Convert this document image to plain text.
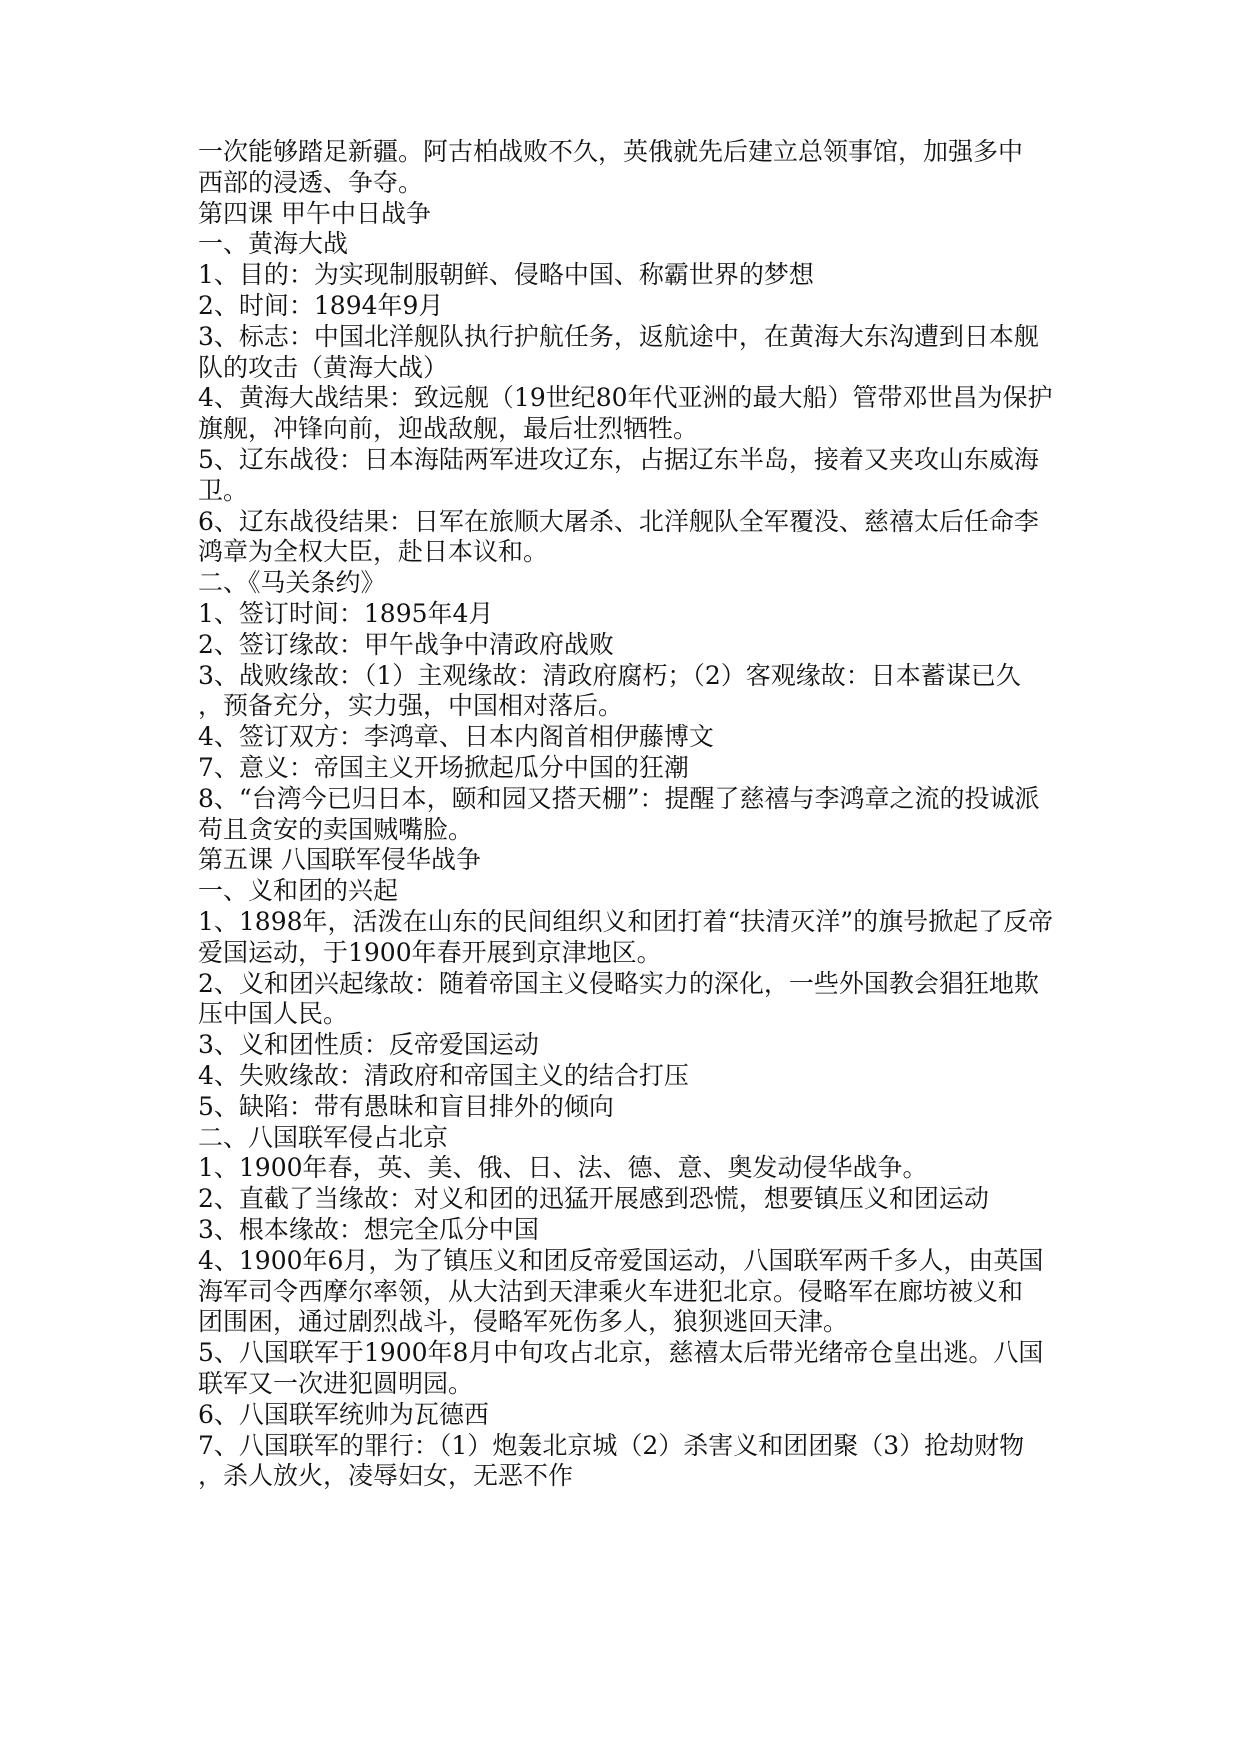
一次能够踏足新疆。阿古柏战败不久，英俄就先后建立总领事馆，加强多中

西部的浸透、争夺。

第四课 甲午中日战争

一、黄海大战

1、目的：为实现制服朝鲜、侵略中国、称霸世界的梦想

2、时间：1894年9月

3、标志：中国北洋舰队执行护航任务，返航途中，在黄海大东沟遭到日本舰

队的攻击（黄海大战）

4、黄海大战结果：致远舰（19世纪80年代亚洲的最大船）管带邓世昌为保护

旗舰，冲锋向前，迎战敌舰，最后壮烈牺牲。

5、辽东战役：日本海陆两军进攻辽东，占据辽东半岛，接着又夹攻山东威海

卫。

6、辽东战役结果：日军在旅顺大屠杀、北洋舰队全军覆没、慈禧太后任命李

鸿章为全权大臣，赴日本议和。

二、《马关条约》

1、签订时间：1895年4月

2、签订缘故：甲午战争中清政府战败

3、战败缘故：（1）主观缘故：清政府腐朽；（2）客观缘故：日本蓄谋已久

，预备充分，实力强，中国相对落后。

4、签订双方：李鸿章、日本内阁首相伊藤博文

7、意义：帝国主义开场掀起瓜分中国的狂潮

8、“台湾今已归日本，颐和园又搭天棚”：提醒了慈禧与李鸿章之流的投诚派

苟且贪安的卖国贼嘴脸。

第五课 八国联军侵华战争

一、义和团的兴起

1、1898年，活泼在山东的民间组织义和团打着“扶清灭洋”的旗号掀起了反帝

爱国运动，于1900年春开展到京津地区。

2、义和团兴起缘故：随着帝国主义侵略实力的深化，一些外国教会猖狂地欺

压中国人民。

3、义和团性质：反帝爱国运动

4、失败缘故：清政府和帝国主义的结合打压

5、缺陷：带有愚昧和盲目排外的倾向

二、八国联军侵占北京

1、1900年春，英、美、俄、日、法、德、意、奥发动侵华战争。

2、直截了当缘故：对义和团的迅猛开展感到恐慌，想要镇压义和团运动

3、根本缘故：想完全瓜分中国

4、1900年6月，为了镇压义和团反帝爱国运动，八国联军两千多人，由英国

海军司令西摩尔率领，从大沽到天津乘火车进犯北京。侵略军在廊坊被义和

团围困，通过剧烈战斗，侵略军死伤多人，狼狈逃回天津。

5、八国联军于1900年8月中旬攻占北京，慈禧太后带光绪帝仓皇出逃。八国

联军又一次进犯圆明园。

6、八国联军统帅为瓦德西

7、八国联军的罪行：（1）炮轰北京城（2）杀害义和团团聚（3）抢劫财物

，杀人放火，凌辱妇女，无恶不作
